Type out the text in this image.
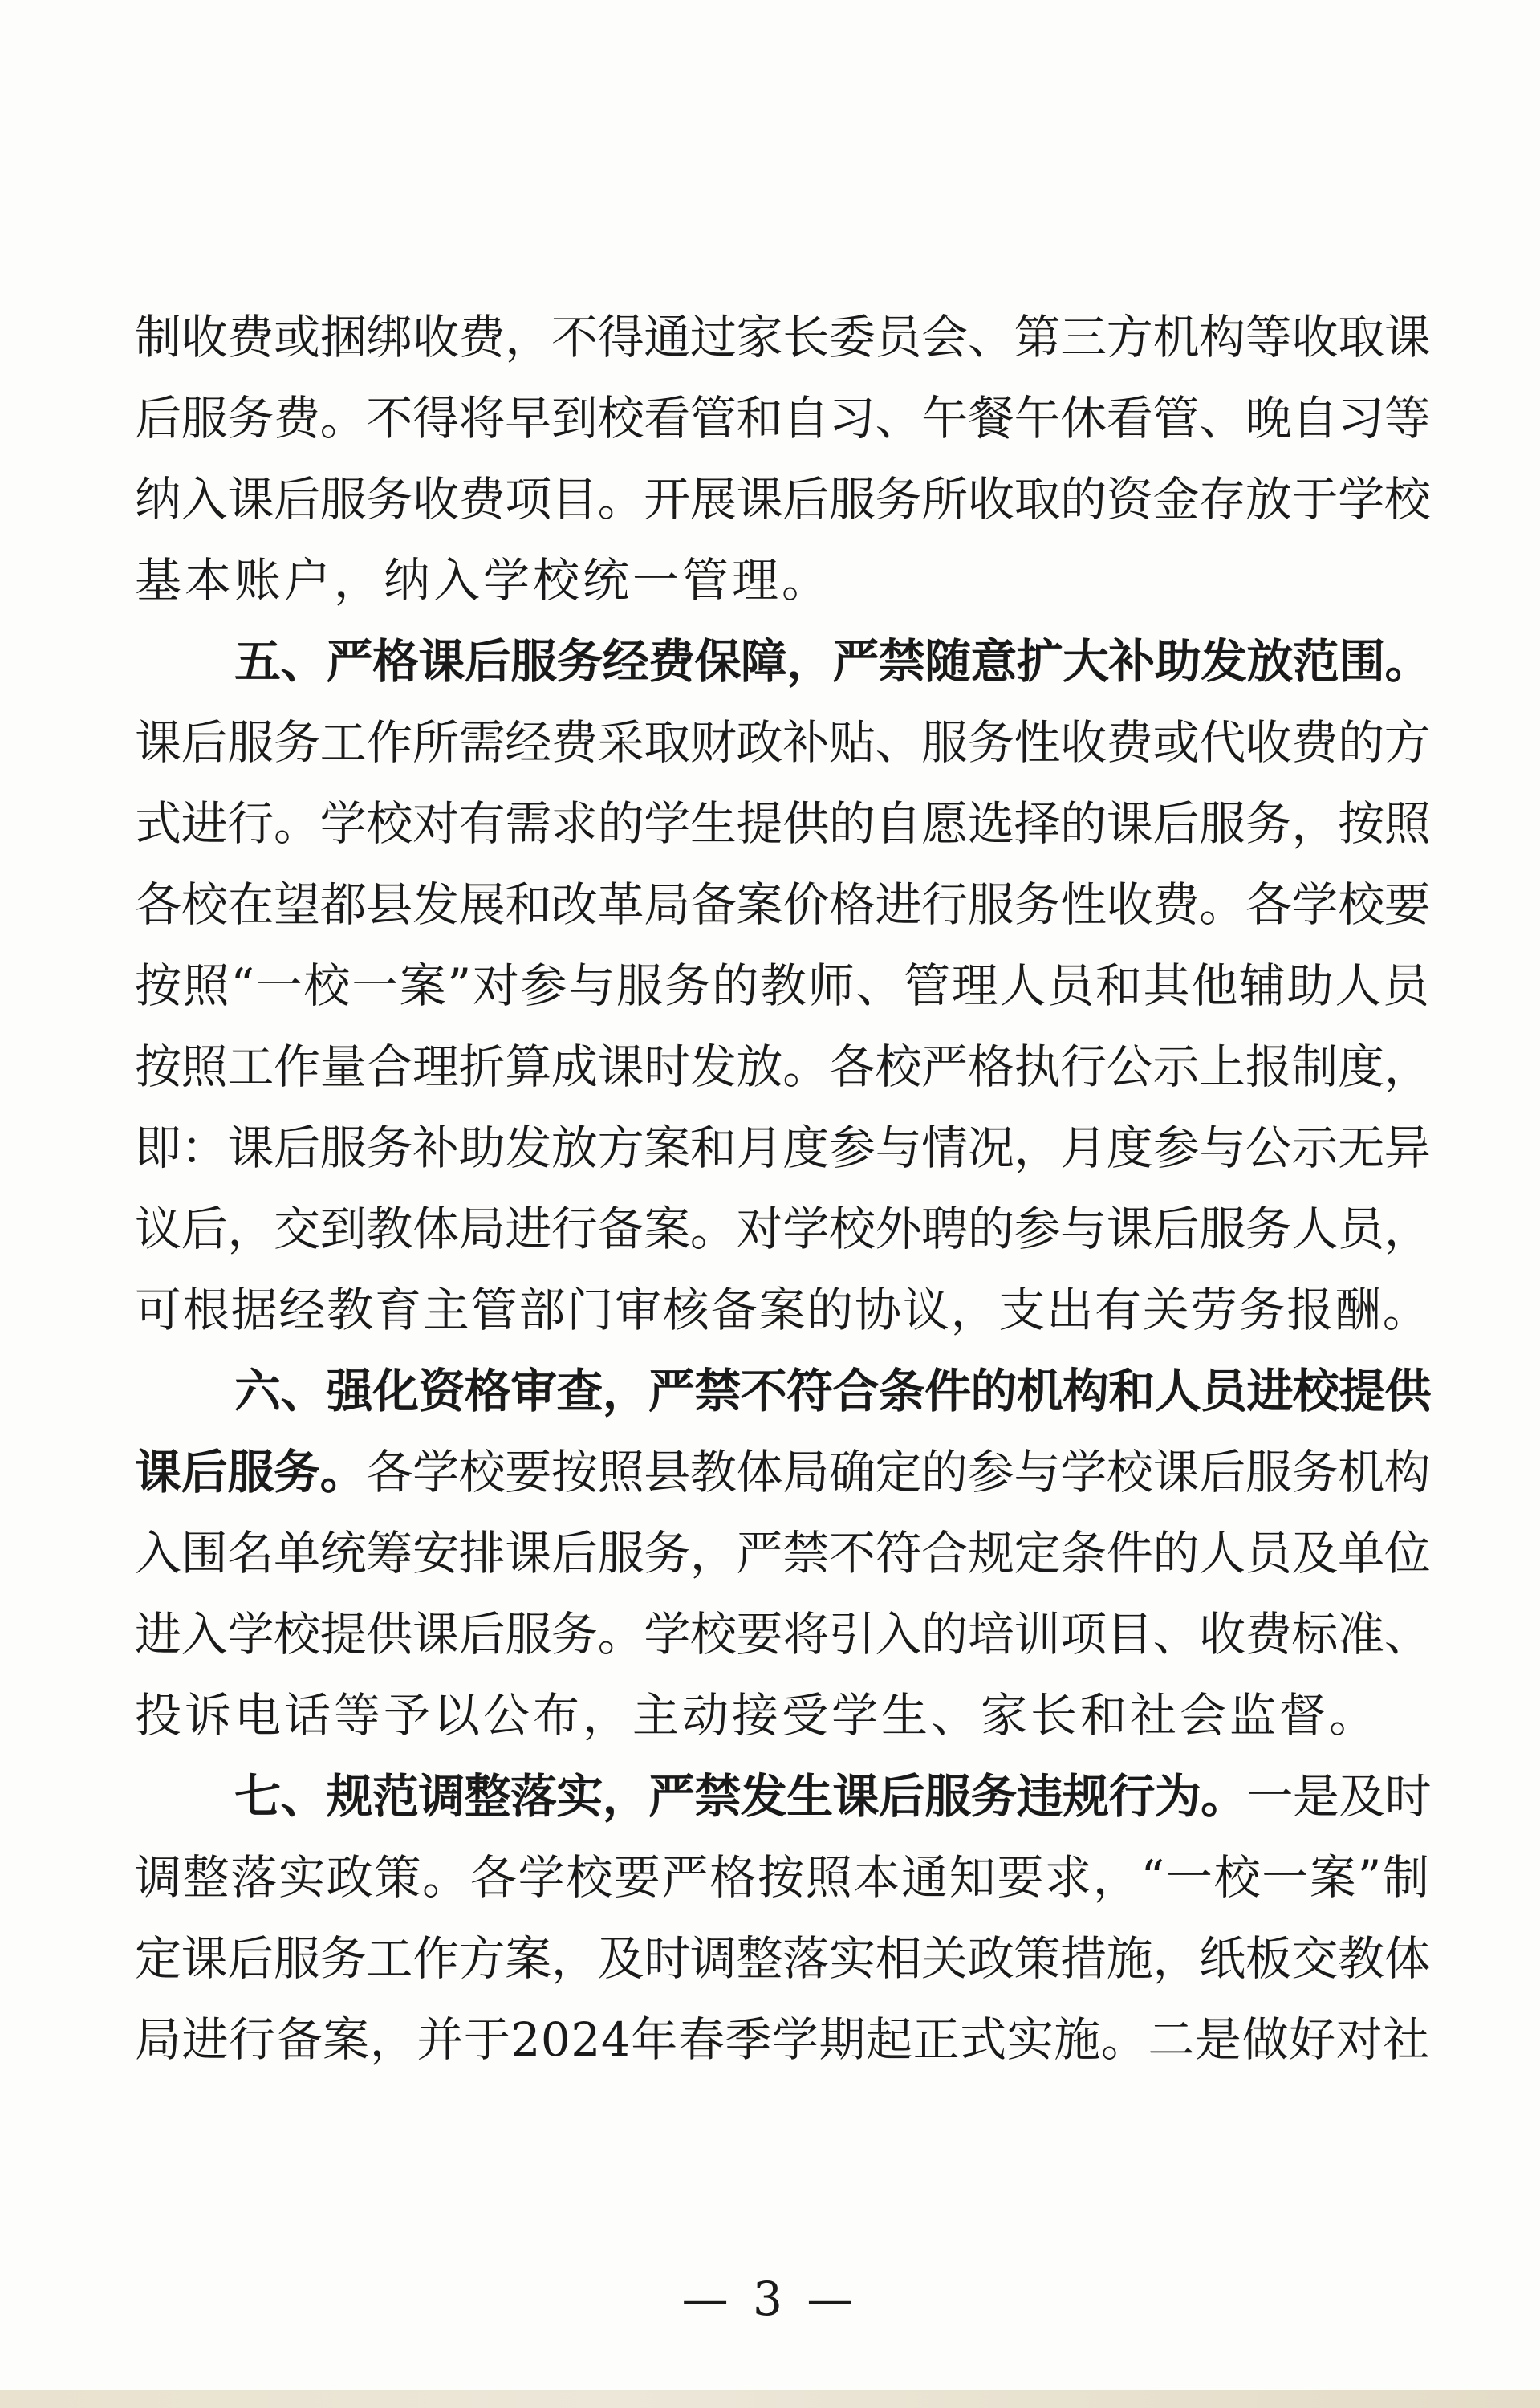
制收费或捆绑收费，不得通过家长委员会、第三方机构等收取课
后服务费。不得将早到校看管和自习、午餐午休看管、晚自习等
纳入课后服务收费项目。开展课后服务所收取的资金存放于学校
基本账户，纳入学校统一管理。
五、严格课后服务经费保障，严禁随意扩大补助发放范围。
课后服务工作所需经费采取财政补贴、服务性收费或代收费的方
式进行。学校对有需求的学生提供的自愿选择的课后服务，按照
各校在望都县发展和改革局备案价格进行服务性收费。各学校要
按照“一校一案”对参与服务的教师、管理人员和其他辅助人员
按照工作量合理折算成课时发放。各校严格执行公示上报制度，
即：课后服务补助发放方案和月度参与情况，月度参与公示无异
议后，交到教体局进行备案。对学校外聘的参与课后服务人员，
可根据经教育主管部门审核备案的协议，支出有关劳务报酬。
六、强化资格审查，严禁不符合条件的机构和人员进校提供
课后服务。各学校要按照县教体局确定的参与学校课后服务机构
入围名单统筹安排课后服务，严禁不符合规定条件的人员及单位
进入学校提供课后服务。学校要将引入的培训项目、收费标准、
投诉电话等予以公布，主动接受学生、家长和社会监督。
七、规范调整落实，严禁发生课后服务违规行为。一是及时
调整落实政策。各学校要严格按照本通知要求，“一校一案”制
定课后服务工作方案，及时调整落实相关政策措施，纸板交教体
局进行备案，并于2024年春季学期起正式实施。二是做好对社
— 3 —
